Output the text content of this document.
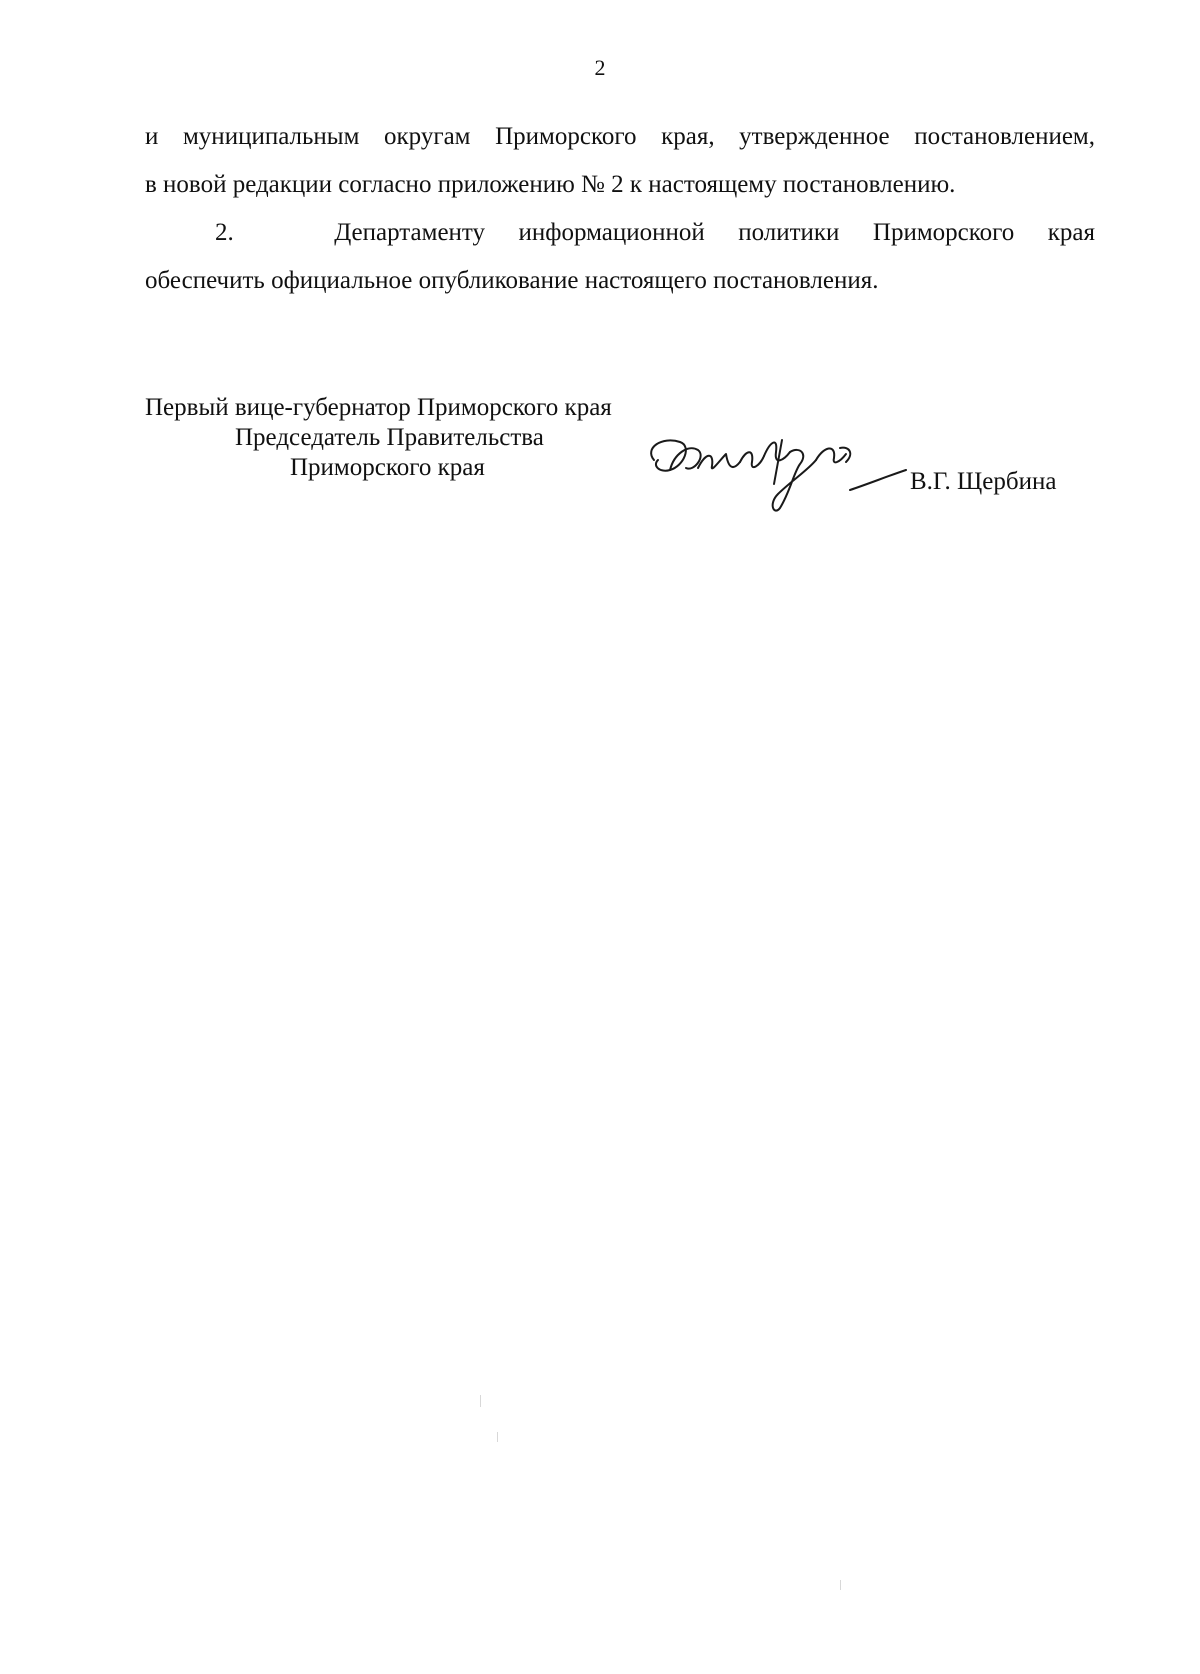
2

и муниципальным округам Приморского края, утвержденное постановлением,

в новой редакции согласно приложению № 2 к настоящему постановлению.

2.   Департаменту информационной политики Приморского края

обеспечить официальное опубликование настоящего постановления.

Первый вице-губернатор Приморского края
Председатель Правительства
Приморского края
В.Г. Щербина
